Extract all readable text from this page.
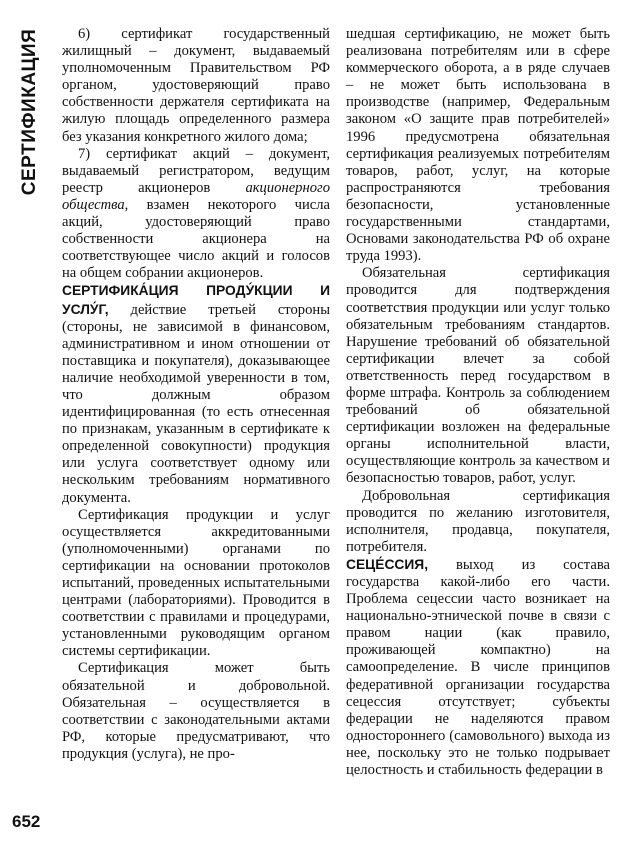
СЕРТИФИКАЦИЯ
652

6) сертификат государственный жилищный – документ, выдаваемый уполномоченным Правительством РФ органом, удостоверяющий право собственности держателя сертификата на жилую площадь определенного размера без указания конкретного жилого дома;

7) сертификат акций – документ, выдаваемый регистратором, ведущим реестр акционеров акционерного общества, взамен некоторого числа акций, удостоверяющий право собственности акционера на соответствующее число акций и голосов на общем собрании акционеров.

СЕРТИФИКА́ЦИЯ ПРОДУ́КЦИИ И УСЛУ́Г, действие третьей стороны (стороны, не зависимой в финансовом, административном и ином отношении от поставщика и покупателя), доказывающее наличие необходимой уверенности в том, что должным образом идентифицированная (то есть отнесенная по признакам, указанным в сертификате к определенной совокупности) продукция или услуга соответствует одному или нескольким требованиям нормативного документа.

Сертификация продукции и услуг осуществляется аккредитованными (уполномоченными) органами по сертификации на основании протоколов испытаний, проведенных испытательными центрами (лабораториями). Проводится в соответствии с правилами и процедурами, установленными руководящим органом системы сертификации.

Сертификация может быть обязательной и добровольной. Обязательная – осуществляется в соответствии с законодательными актами РФ, которые предусматривают, что продукция (услуга), не про-

шедшая сертификацию, не может быть реализована потребителям или в сфере коммерческого оборота, а в ряде случаев – не может быть использована в производстве (например, Федеральным законом «О защите прав потребителей» 1996 предусмотрена обязательная сертификация реализуемых потребителям товаров, работ, услуг, на которые распространяются требования безопасности, установленные государственными стандартами, Основами законодательства РФ об охране труда 1993).

Обязательная сертификация проводится для подтверждения соответствия продукции или услуг только обязательным требованиям стандартов. Нарушение требований об обязательной сертификации влечет за собой ответственность перед государством в форме штрафа. Контроль за соблюдением требований об обязательной сертификации возложен на федеральные органы исполнительной власти, осуществляющие контроль за качеством и безопасностью товаров, работ, услуг.

Добровольная сертификация проводится по желанию изготовителя, исполнителя, продавца, покупателя, потребителя.

СЕЦЕ́ССИЯ, выход из состава государства какой-либо его части. Проблема сецессии часто возникает на национально-этнической почве в связи с правом нации (как правило, проживающей компактно) на самоопределение. В числе принципов федеративной организации государства сецессия отсутствует; субъекты федерации не наделяются правом одностороннего (самовольного) выхода из нее, поскольку это не только подрывает целостность и стабильность федерации в
